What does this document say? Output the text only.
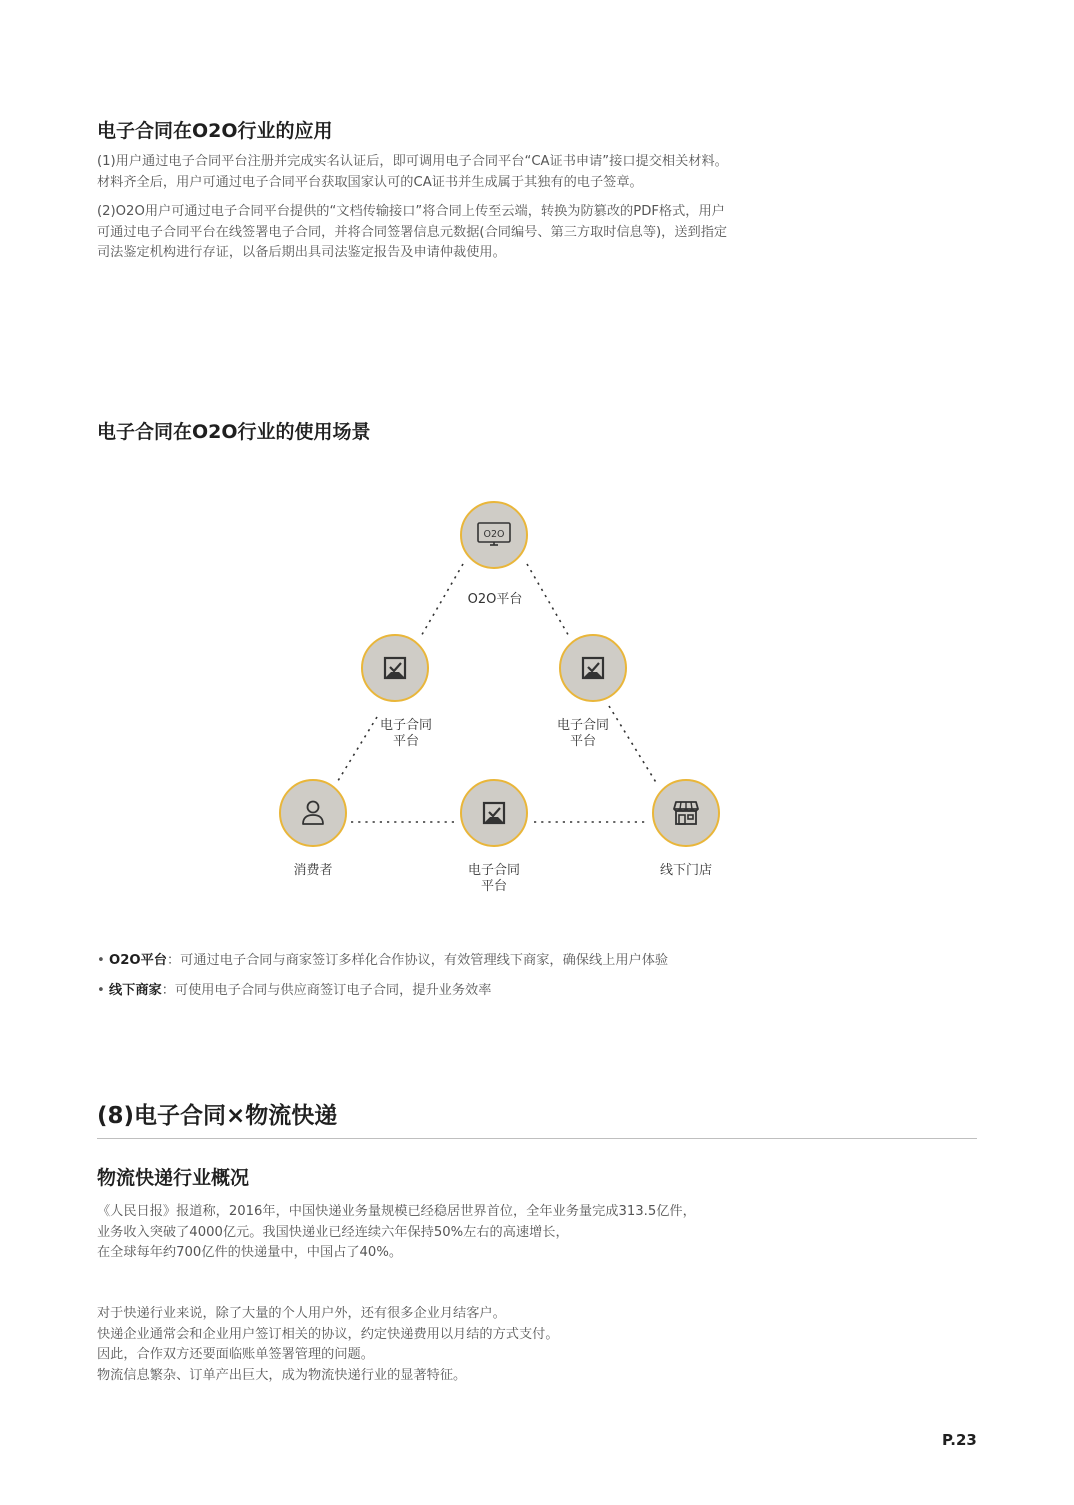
电子合同在O2O行业的应用

(1)用户通过电子合同平台注册并完成实名认证后，即可调用电子合同平台“CA证书申请”接口提交相关材料。

材料齐全后，用户可通过电子合同平台获取国家认可的CA证书并生成属于其独有的电子签章。

(2)O2O用户可通过电子合同平台提供的“文档传输接口”将合同上传至云端，转换为防篡改的PDF格式，用户

可通过电子合同平台在线签署电子合同，并将合同签署信息元数据(合同编号、第三方取时信息等)，送到指定

司法鉴定机构进行存证，以备后期出具司法鉴定报告及申请仲裁使用。

电子合同在O2O行业的使用场景
O2O
O2O平台
电子合同
平台
电子合同
平台
消费者	电子合同
平台
线下门店
• O2O平台：可通过电子合同与商家签订多样化合作协议，有效管理线下商家，确保线上用户体验
• 线下商家：可使用电子合同与供应商签订电子合同，提升业务效率
(8)电子合同×物流快递
物流快递行业概况

《人民日报》报道称，2016年，中国快递业务量规模已经稳居世界首位，全年业务量完成313.5亿件，

业务收入突破了4000亿元。我国快递业已经连续六年保持50%左右的高速增长，

在全球每年约700亿件的快递量中，中国占了40%。

对于快递行业来说，除了大量的个人用户外，还有很多企业月结客户。

快递企业通常会和企业用户签订相关的协议，约定快递费用以月结的方式支付。

因此，合作双方还要面临账单签署管理的问题。

物流信息繁杂、订单产出巨大，成为物流快递行业的显著特征。

P.23
